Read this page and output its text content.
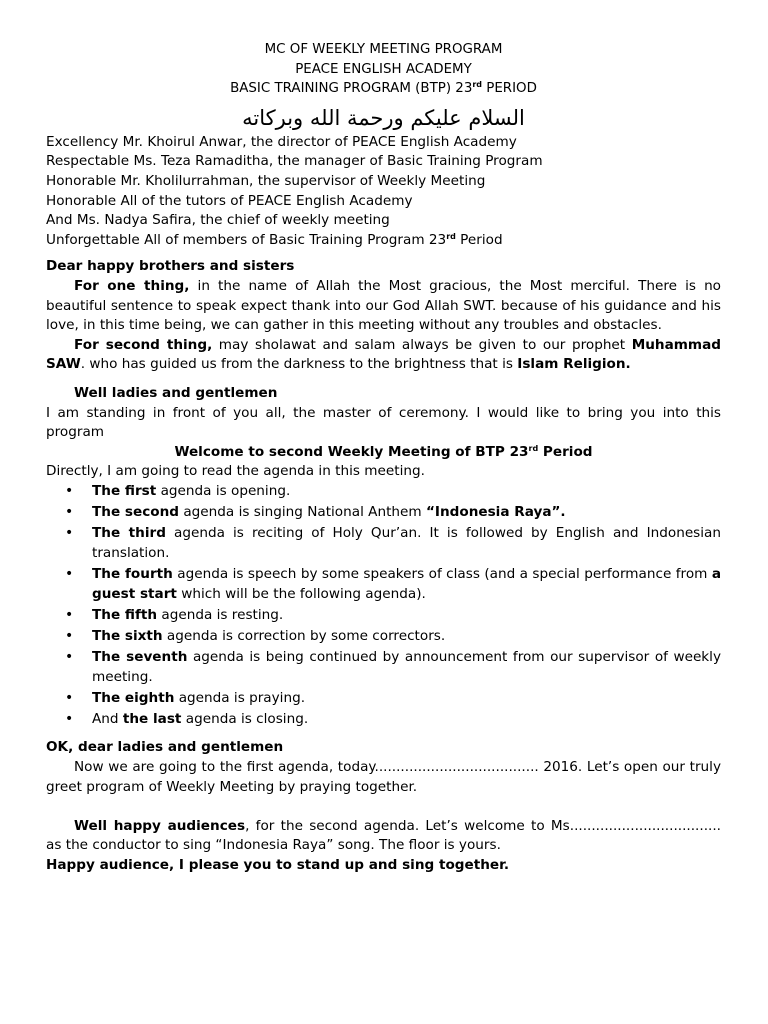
MC OF WEEKLY MEETING PROGRAM
PEACE ENGLISH ACADEMY
BASIC TRAINING PROGRAM (BTP) 23rd PERIOD
السلام عليكم ورحمة الله وبركاته

Excellency Mr. Khoirul Anwar, the director of PEACE English Academy

Respectable Ms. Teza Ramaditha, the manager of Basic Training Program

Honorable Mr. Kholilurrahman, the supervisor of Weekly Meeting

Honorable All of the tutors of PEACE English Academy

And Ms. Nadya Safira, the chief of weekly meeting

Unforgettable All of members of Basic Training Program 23rd Period

Dear happy brothers and sisters

For one thing, in the name of Allah the Most gracious, the Most merciful. There is no beautiful sentence to speak expect thank into our God Allah SWT. because of his guidance and his love, in this time being, we can gather in this meeting without any troubles and obstacles.

For second thing, may sholawat and salam always be given to our prophet Muhammad SAW. who has guided us from the darkness to the brightness that is Islam Religion.

Well ladies and gentlemen

I am standing in front of you all, the master of ceremony. I would like to bring you into this program

Welcome to second Weekly Meeting of BTP 23rd Period

Directly, I am going to read the agenda in this meeting.

• The first agenda is opening.
• The second agenda is singing National Anthem “Indonesia Raya”.
• The third agenda is reciting of Holy Qur’an. It is followed by English and Indonesian translation.
• The fourth agenda is speech by some speakers of class (and a special performance from a guest start which will be the following agenda).
• The fifth agenda is resting.
• The sixth agenda is correction by some correctors.
• The seventh agenda is being continued by announcement from our supervisor of weekly meeting.
• The eighth agenda is praying.
• And the last agenda is closing.

OK, dear ladies and gentlemen

Now we are going to the first agenda, today...................................... 2016. Let’s open our truly greet program of Weekly Meeting by praying together.

Well happy audiences, for the second agenda. Let’s welcome to Ms................................... as the conductor to sing “Indonesia Raya” song. The floor is yours.

Happy audience, I please you to stand up and sing together.
